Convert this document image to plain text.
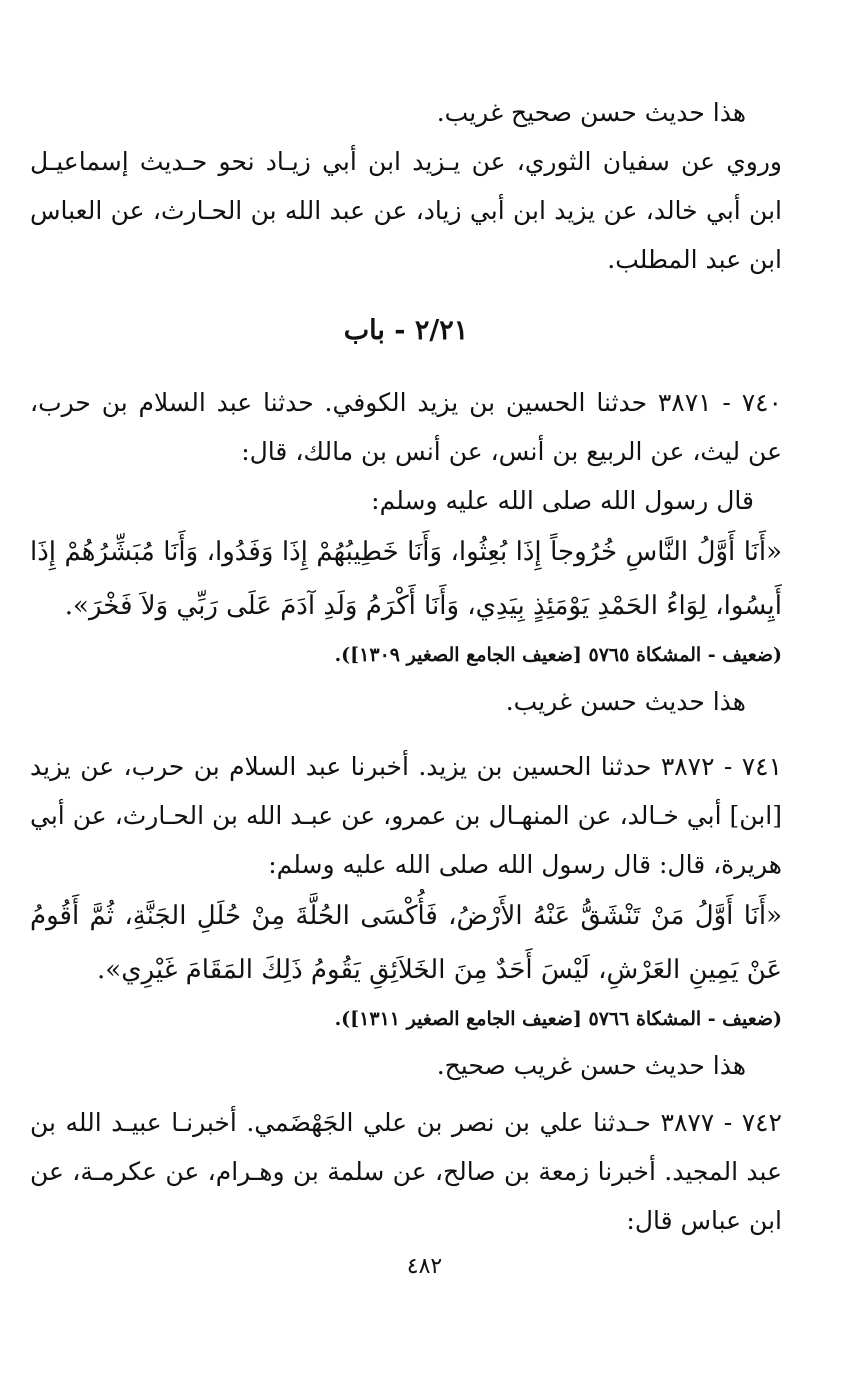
هذا حديث حسن صحيح غريب.
وروي عن سفيان الثوري، عن يـزيد ابن أبي زيـاد نحو حـديث إسماعيـل
ابن أبي خالد، عن يزيد ابن أبي زياد، عن عبد الله بن الحـارث، عن العباس
ابن عبد المطلب.
٢/٢١ - باب
٧٤٠ - ٣٨٧١ حدثنا الحسين بن يزيد الكوفي. حدثنا عبد السلام بن حرب،
عن ليث، عن الربيع بن أنس، عن أنس بن مالك، قال:
قال رسول الله صلى الله عليه وسلم:
«أَنَا أَوَّلُ النَّاسِ خُرُوجاً إِذَا بُعِثُوا، وَأَنَا خَطِيبُهُمْ إِذَا وَفَدُوا، وَأَنَا مُبَشِّرُهُمْ إِذَا
أَيِسُوا، لِوَاءُ الحَمْدِ يَوْمَئِذٍ بِيَدِي، وَأَنَا أَكْرَمُ وَلَدِ آدَمَ عَلَى رَبِّي وَلاَ فَخْرَ».
(ضعيف - المشكاة ٥٧٦٥ [ضعيف الجامع الصغير ١٣٠٩]).
هذا حديث حسن غريب.
٧٤١ - ٣٨٧٢ حدثنا الحسين بن يزيد. أخبرنا عبد السلام بن حرب، عن يزيد
[ابن] أبي خـالد، عن المنهـال بن عمرو، عن عبـد الله بن الحـارث، عن أبي
هريرة، قال: قال رسول الله صلى الله عليه وسلم:
«أَنَا أَوَّلُ مَنْ تَنْشَقُّ عَنْهُ الأَرْضُ، فَأُكْسَى الحُلَّةَ مِنْ حُلَلِ الجَنَّةِ، ثُمَّ أَقُومُ
عَنْ يَمِينِ العَرْشِ، لَيْسَ أَحَدٌ مِنَ الخَلاَئِقِ يَقُومُ ذَلِكَ المَقَامَ غَيْرِي».
(ضعيف - المشكاة ٥٧٦٦ [ضعيف الجامع الصغير ١٣١١]).
هذا حديث حسن غريب صحيح.
٧٤٢ - ٣٨٧٧ حـدثنا علي بن نصر بن علي الجَهْضَمي. أخبرنـا عبيـد الله بن
عبد المجيد. أخبرنا زمعة بن صالح، عن سلمة بن وهـرام، عن عكرمـة، عن
ابن عباس قال:
٤٨٢
